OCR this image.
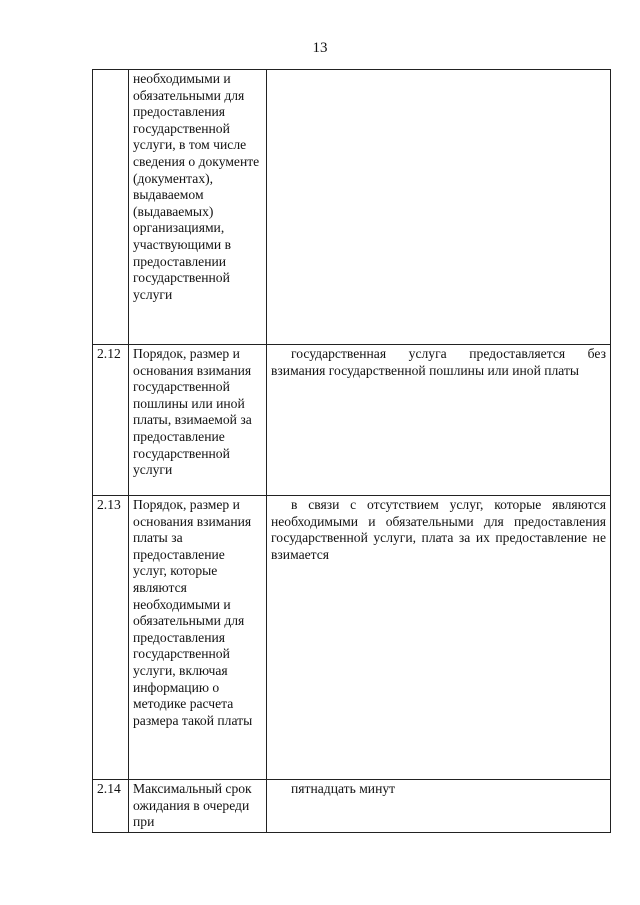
13
	необходимыми и обязательными для предоставления государственной услуги, в том числе сведения о документе (документах), выдаваемом (выдаваемых) организациями, участвующими в предоставлении государственной услуги	

2.12	Порядок, размер и основания взимания государственной пошлины или иной платы, взимаемой за предоставление государственной услуги	государственная услуга предоставляется без взимания государственной пошлины или иной платы

2.13	Порядок, размер и основания взимания платы за предоставление услуг, которые являются необходимыми и обязательными для предоставления государственной услуги, включая информацию о методике расчета размера такой платы	в связи с отсутствием услуг, которые являются необходимыми и обязательными для предоставления государственной услуги, плата за их предоставление не взимается

2.14	Максимальный срок ожидания в очереди при	пятнадцать минут
